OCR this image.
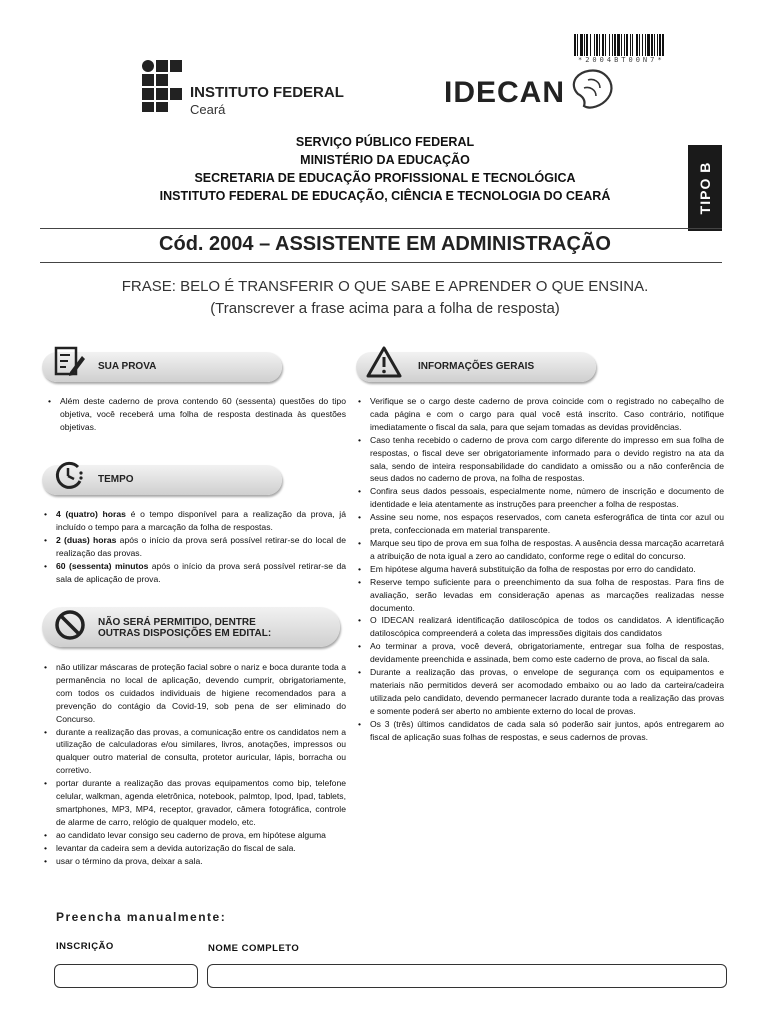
*2004BT00N7*
INSTITUTO FEDERAL
Ceará
IDECAN
SERVIÇO PÚBLICO FEDERAL
MINISTÉRIO DA EDUCAÇÃO
SECRETARIA DE EDUCAÇÃO PROFISSIONAL E TECNOLÓGICA
INSTITUTO FEDERAL DE EDUCAÇÃO, CIÊNCIA E TECNOLOGIA DO CEARÁ	TIPO B
Cód. 2004 – ASSISTENTE EM ADMINISTRAÇÃO
FRASE: BELO É TRANSFERIR O QUE SABE E APRENDER O QUE ENSINA.
(Transcrever a frase acima para a folha de resposta)
SUA PROVA
• Além deste caderno de prova contendo 60 (sessenta) questões do tipo objetiva, você receberá uma folha de resposta destinada às questões objetivas.
TEMPO
• 4 (quatro) horas é o tempo disponível para a realização da prova, já incluído o tempo para a marcação da folha de respostas.
• 2 (duas) horas após o início da prova será possível retirar-se do local de realização das provas.
• 60 (sessenta) minutos após o início da prova será possível retirar-se da sala de aplicação de prova.
NÃO SERÁ PERMITIDO, DENTRE
OUTRAS DISPOSIÇÕES EM EDITAL:
• não utilizar máscaras de proteção facial sobre o nariz e boca durante toda a permanência no local de aplicação, devendo cumprir, obrigatoriamente, com todos os cuidados individuais de higiene recomendados para a prevenção do contágio da Covid-19, sob pena de ser eliminado do Concurso.
• durante a realização das provas, a comunicação entre os candidatos nem a utilização de calculadoras e/ou similares, livros, anotações, impressos ou qualquer outro material de consulta, protetor auricular, lápis, borracha ou corretivo.
• portar durante a realização das provas equipamentos como bip, telefone celular, walkman, agenda eletrônica, notebook, palmtop, Ipod, Ipad, tablets, smartphones, MP3, MP4, receptor, gravador, câmera fotográfica, controle de alarme de carro, relógio de qualquer modelo, etc.
• ao candidato levar consigo seu caderno de prova, em hipótese alguma
• levantar da cadeira sem a devida autorização do fiscal de sala.
• usar o término da prova, deixar a sala.
INFORMAÇÕES GERAIS
• Verifique se o cargo deste caderno de prova coincide com o registrado no cabeçalho de cada página e com o cargo para qual você está inscrito. Caso contrário, notifique imediatamente o fiscal da sala, para que sejam tomadas as devidas providências.
• Caso tenha recebido o caderno de prova com cargo diferente do impresso em sua folha de respostas, o fiscal deve ser obrigatoriamente informado para o devido registro na ata da sala, sendo de inteira responsabilidade do candidato a omissão ou a não conferência de seus dados no caderno de prova, na folha de respostas.
• Confira seus dados pessoais, especialmente nome, número de inscrição e documento de identidade e leia atentamente as instruções para preencher a folha de respostas.
• Assine seu nome, nos espaços reservados, com caneta esferográfica de tinta cor azul ou preta, confeccionada em material transparente.
• Marque seu tipo de prova em sua folha de respostas. A ausência dessa marcação acarretará a atribuição de nota igual a zero ao candidato, conforme rege o edital do concurso.
• Em hipótese alguma haverá substituição da folha de respostas por erro do candidato.
• Reserve tempo suficiente para o preenchimento da sua folha de respostas. Para fins de avaliação, serão levadas em consideração apenas as marcações realizadas nesse documento.
• O IDECAN realizará identificação datiloscópica de todos os candidatos. A identificação datiloscópica compreenderá a coleta das impressões digitais dos candidatos
• Ao terminar a prova, você deverá, obrigatoriamente, entregar sua folha de respostas, devidamente preenchida e assinada, bem como este caderno de prova, ao fiscal da sala.
• Durante a realização das provas, o envelope de segurança com os equipamentos e materiais não permitidos deverá ser acomodado embaixo ou ao lado da carteira/cadeira utilizada pelo candidato, devendo permanecer lacrado durante toda a realização das provas e somente poderá ser aberto no ambiente externo do local de provas.
• Os 3 (três) últimos candidatos de cada sala só poderão sair juntos, após entregarem ao fiscal de aplicação suas folhas de respostas, e seus cadernos de provas.
Preencha manualmente:
INSCRIÇÃO	NOME COMPLETO
